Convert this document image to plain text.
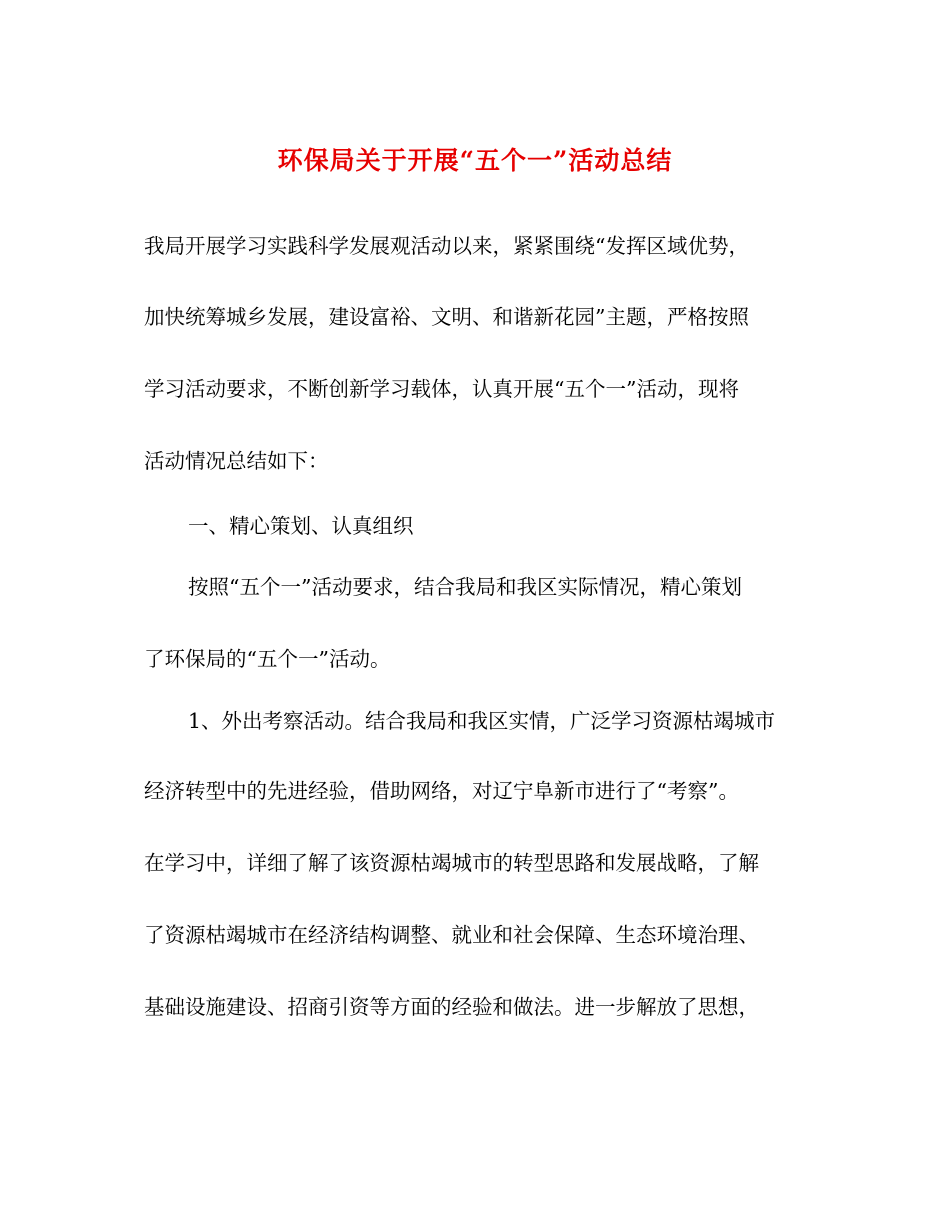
环保局关于开展“五个一”活动总结
我局开展学习实践科学发展观活动以来，紧紧围绕“发挥区域优势，
加快统筹城乡发展，建设富裕、文明、和谐新花园”主题，严格按照
学习活动要求，不断创新学习载体，认真开展“五个一”活动，现将
活动情况总结如下：
一、精心策划、认真组织
按照“五个一”活动要求，结合我局和我区实际情况，精心策划
了环保局的“五个一”活动。
1、外出考察活动。结合我局和我区实情，广泛学习资源枯竭城市
经济转型中的先进经验，借助网络，对辽宁阜新市进行了“考察”。
在学习中，详细了解了该资源枯竭城市的转型思路和发展战略，了解
了资源枯竭城市在经济结构调整、就业和社会保障、生态环境治理、
基础设施建设、招商引资等方面的经验和做法。进一步解放了思想，
